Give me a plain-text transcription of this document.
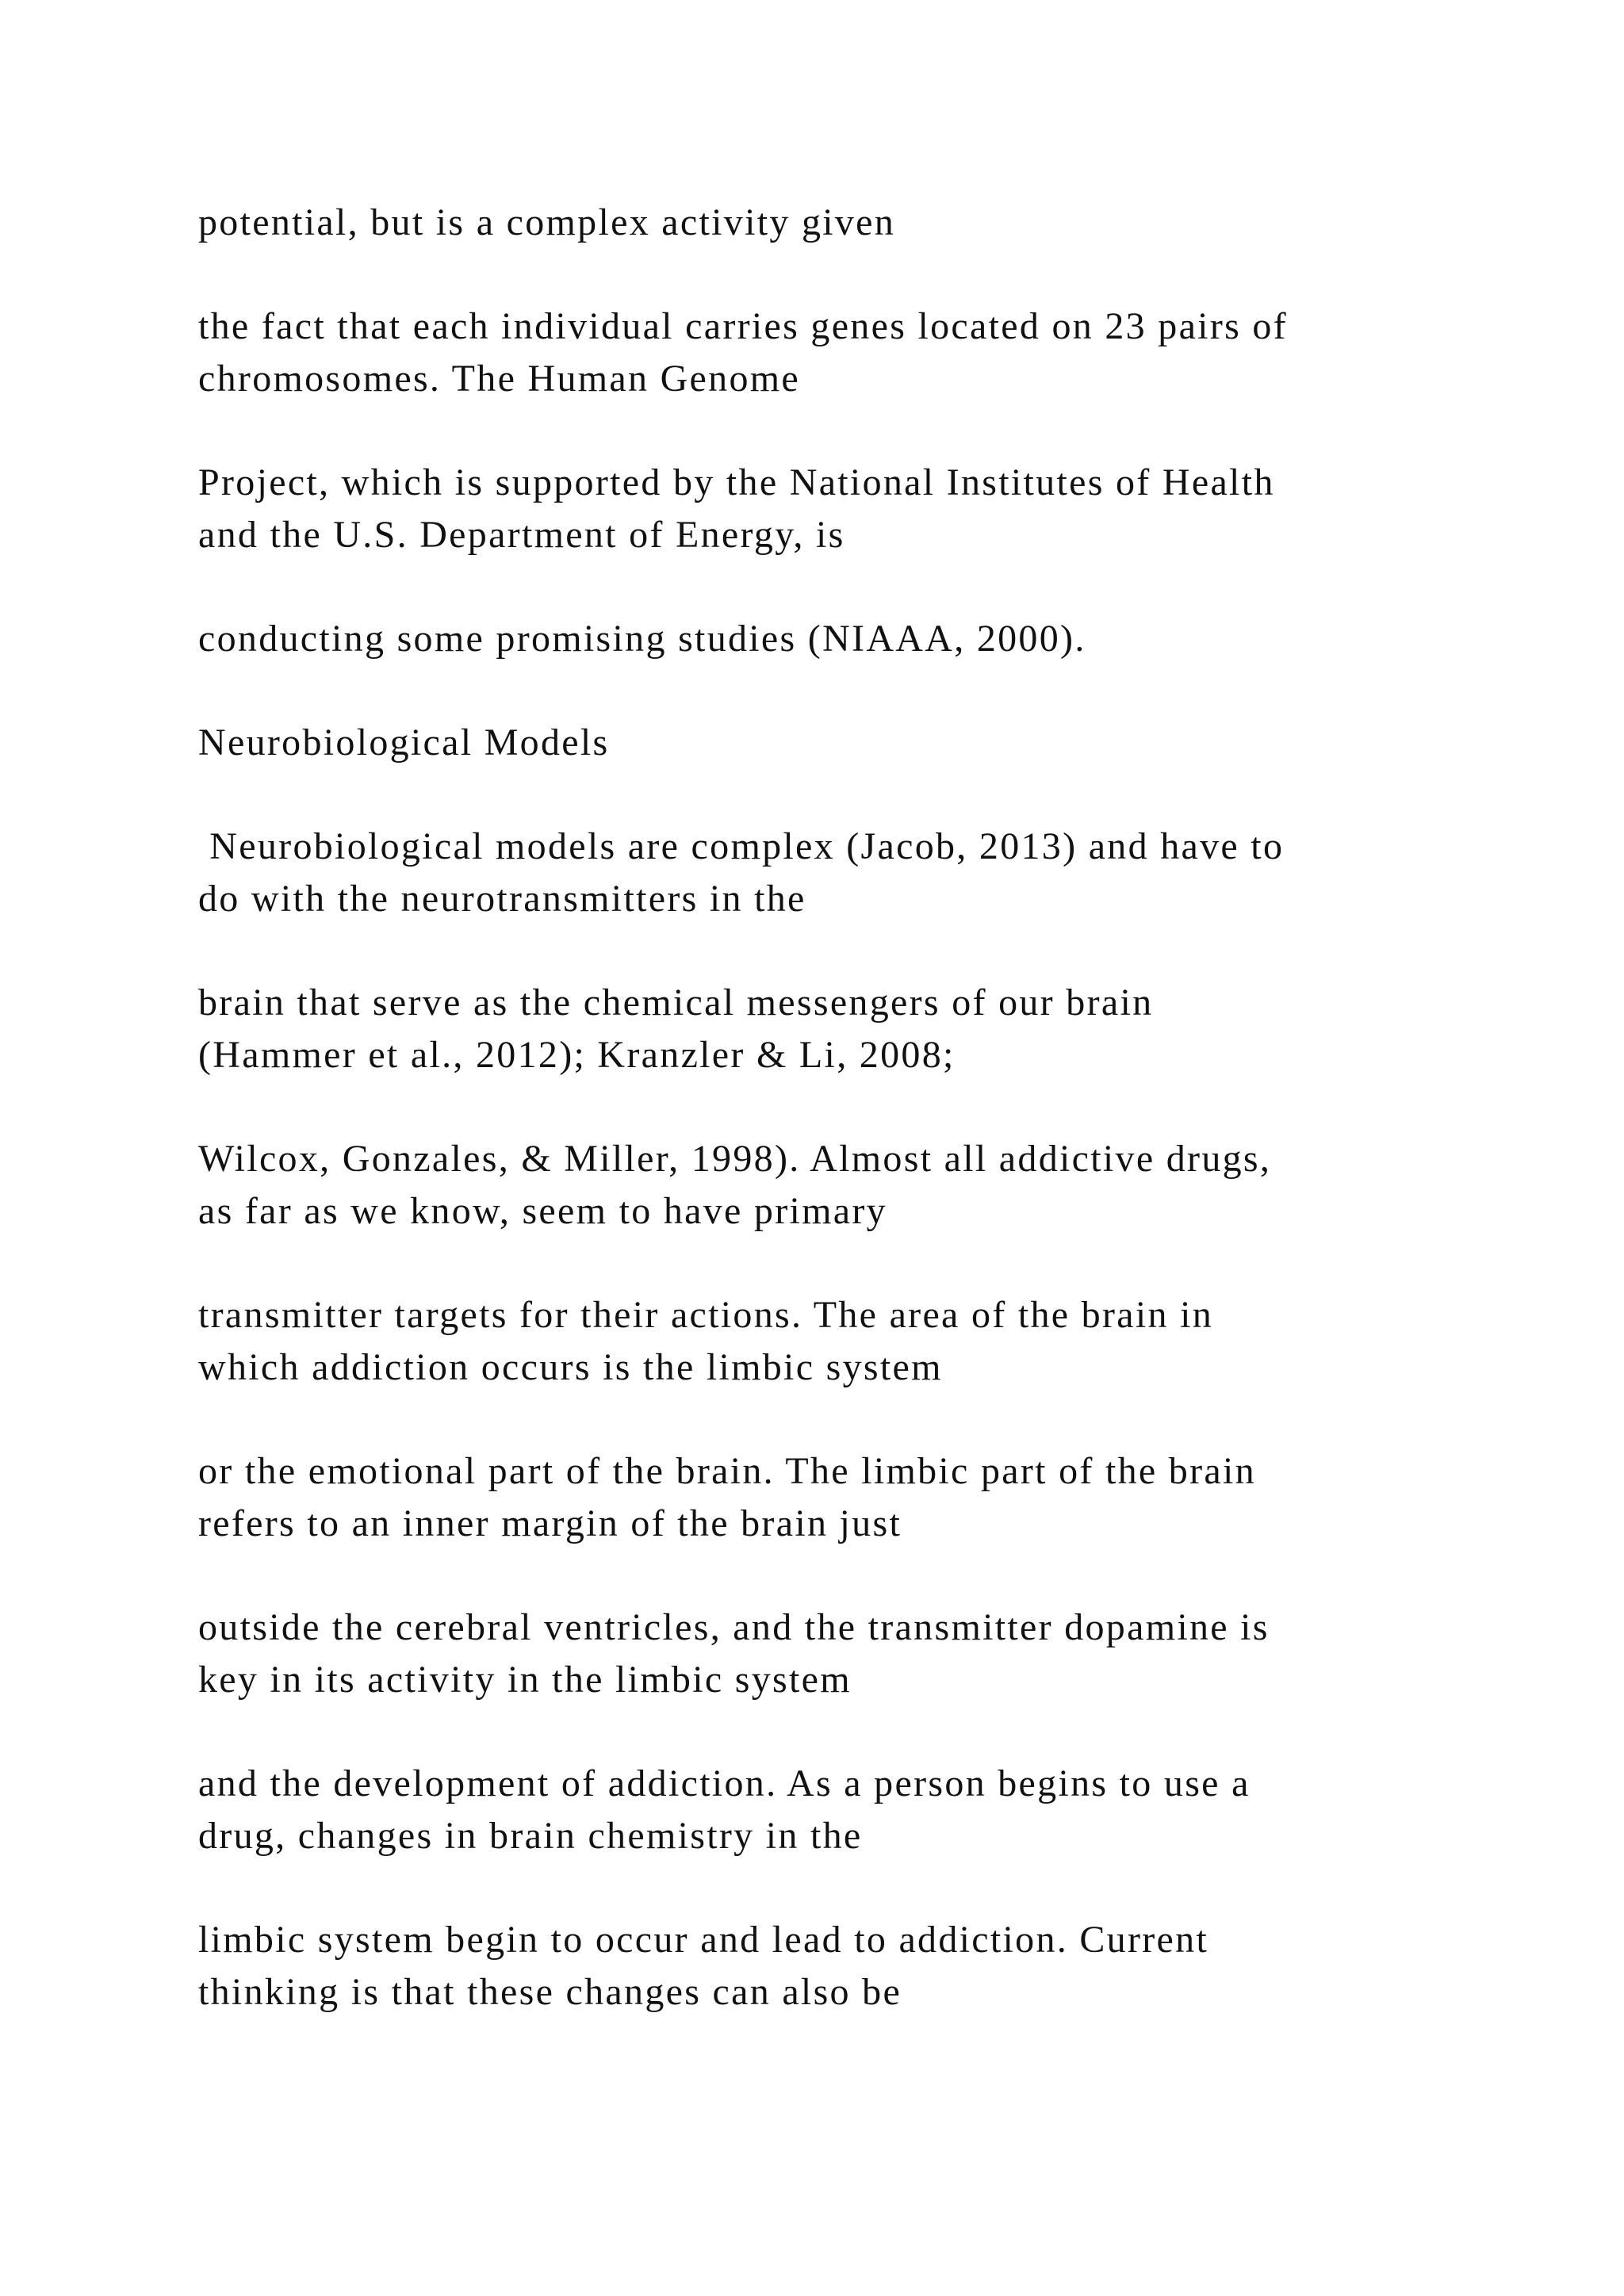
potential, but is a complex activity given

the fact that each individual carries genes located on 23 pairs of
chromosomes. The Human Genome

Project, which is supported by the National Institutes of Health
and the U.S. Department of Energy, is

conducting some promising studies (NIAAA, 2000).

Neurobiological Models

Neurobiological models are complex (Jacob, 2013) and have to
do with the neurotransmitters in the

brain that serve as the chemical messengers of our brain
(Hammer et al., 2012); Kranzler & Li, 2008;

Wilcox, Gonzales, & Miller, 1998). Almost all addictive drugs,
as far as we know, seem to have primary

transmitter targets for their actions. The area of the brain in
which addiction occurs is the limbic system

or the emotional part of the brain. The limbic part of the brain
refers to an inner margin of the brain just

outside the cerebral ventricles, and the transmitter dopamine is
key in its activity in the limbic system

and the development of addiction. As a person begins to use a
drug, changes in brain chemistry in the

limbic system begin to occur and lead to addiction. Current
thinking is that these changes can also be
